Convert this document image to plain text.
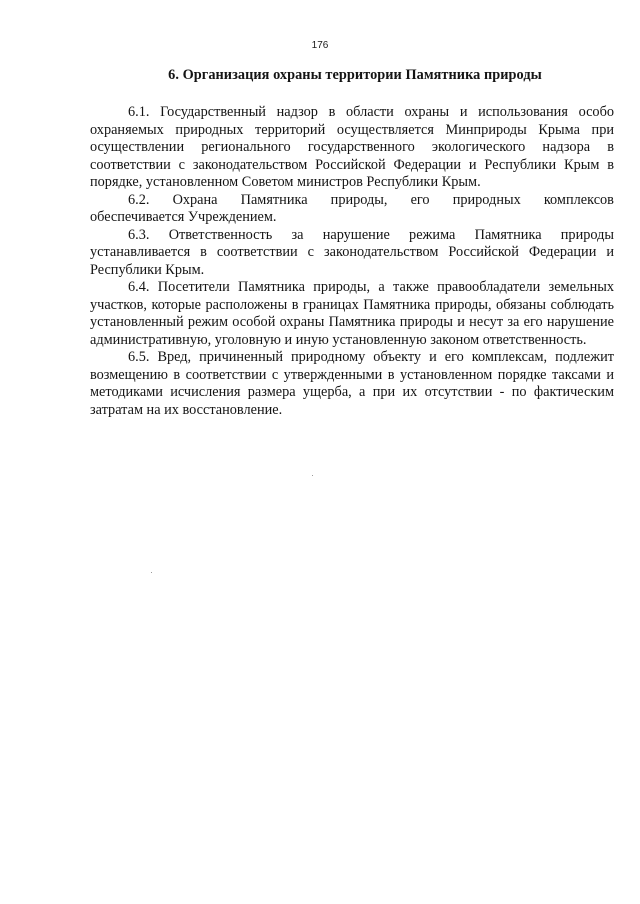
176
6. Организация охраны территории Памятника природы

6.1. Государственный надзор в области охраны и использования особо охраняемых природных территорий осуществляется Минприроды Крыма при осуществлении регионального государственного экологического надзора в соответствии с законодательством Российской Федерации и Республики Крым в порядке, установленном Советом министров Республики Крым.

6.2. Охрана Памятника природы, его природных комплексов
обеспечивается Учреждением.

6.3. Ответственность за нарушение режима Памятника природы устанавливается в соответствии с законодательством Российской Федерации и Республики Крым.

6.4. Посетители Памятника природы, а также правообладатели земельных участков, которые расположены в границах Памятника природы, обязаны соблюдать установленный режим особой охраны Памятника природы и несут за его нарушение административную, уголовную и иную установленную законом ответственность.

6.5. Вред, причиненный природному объекту и его комплексам, подлежит возмещению в соответствии с утвержденными в установленном порядке таксами и методиками исчисления размера ущерба, а при их отсутствии - по фактическим затратам на их восстановление.
